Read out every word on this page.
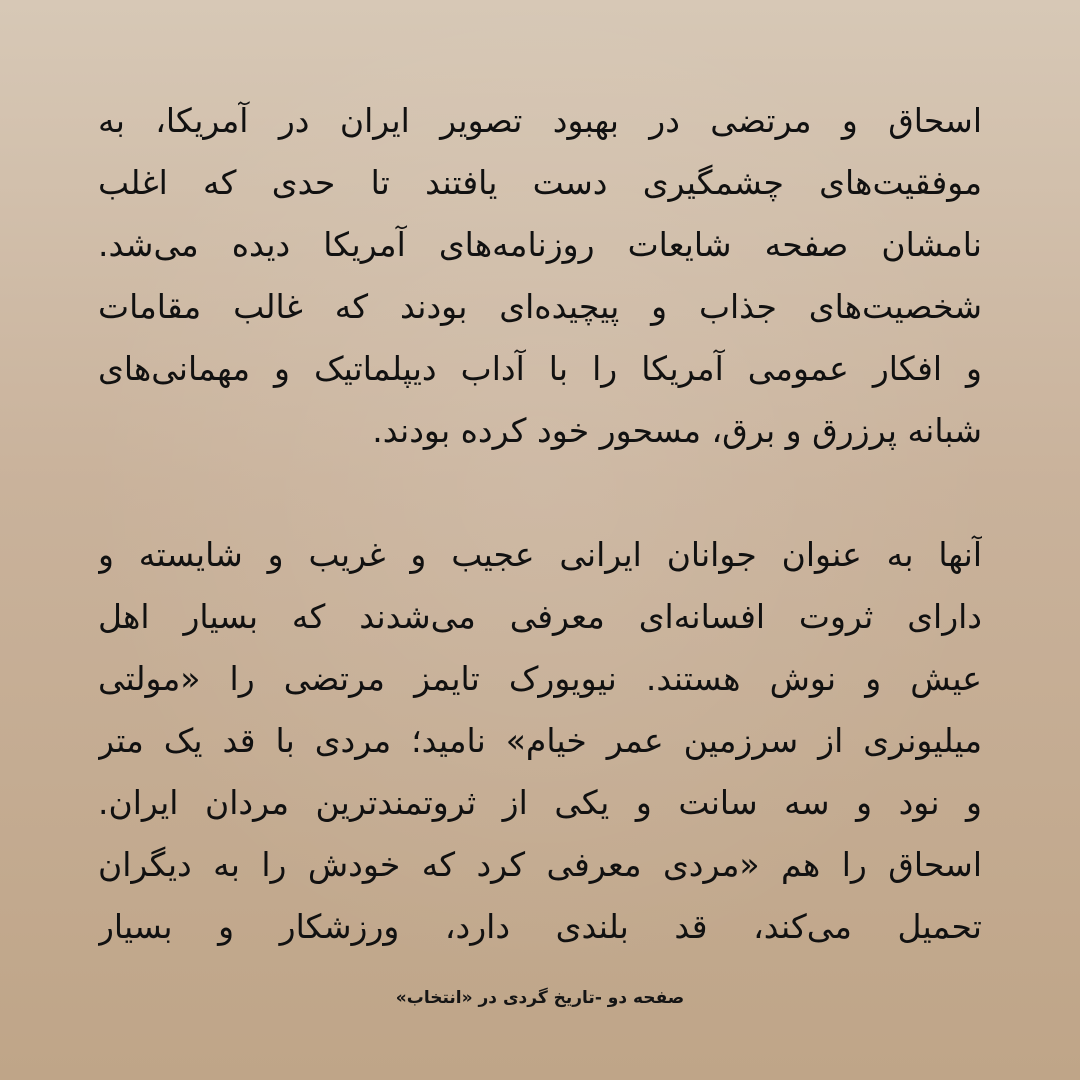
اسحاق و مرتضی در بهبود تصویر ایران در آمریکا، به
موفقیت‌های چشمگیری دست یافتند تا حدی که اغلب
نامشان صفحه شایعات روزنامه‌های آمریکا دیده می‌شد.
شخصیت‌های جذاب و پیچیده‌ای بودند که غالب مقامات
و افکار عمومی آمریکا را با آداب دیپلماتیک و مهمانی‌های
شبانه پرزرق و برق، مسحور خود کرده بودند.
آنها به عنوان جوانان ایرانی عجیب و غریب و شایسته و
دارای ثروت افسانه‌ای معرفی می‌شدند که بسیار اهل
عیش و نوش هستند. نیویورک تایمز مرتضی را «مولتی
میلیونری از سرزمین عمر خیام» نامید؛ مردی با قد یک متر
و نود و سه سانت و یکی از ثروتمندترین مردان ایران.
اسحاق را هم «مردی معرفی کرد که خودش را به دیگران
تحمیل می‌کند، قد بلندی دارد، ورزشکار و بسیار
صفحه دو -تاریخ گردی در «انتخاب»
